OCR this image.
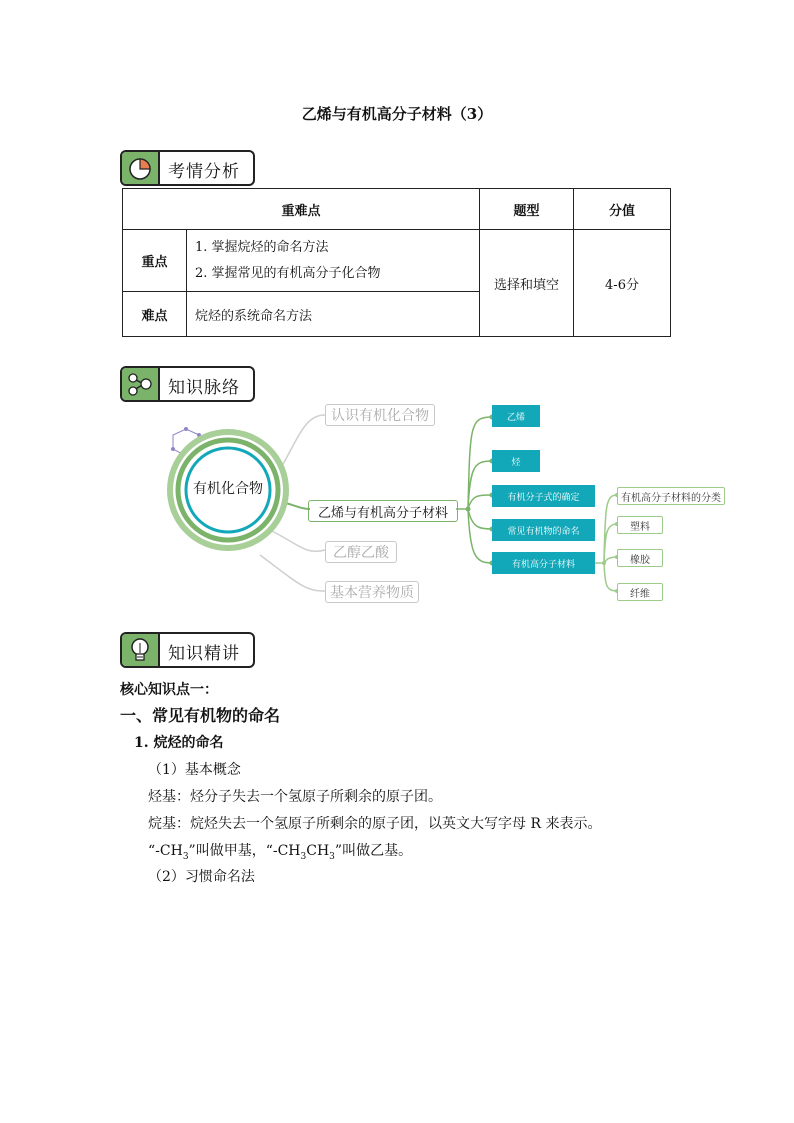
乙烯与有机高分子材料（3）
考情分析
重难点		题型	分值
重点	1. 掌握烷烃的命名方法
2. 掌握常见的有机高分子化合物	选择和填空	4-6分
难点	烷烃的系统命名方法		
知识脉络
有机化合物
认识有机化合物
乙烯与有机高分子材料
乙醇乙酸
基本营养物质
乙烯
烃
有机分子式的确定
常见有机物的命名
有机高分子材料
有机高分子材料的分类
塑料
橡胶
纤维
知识精讲
核心知识点一：
一、常见有机物的命名
1. 烷烃的命名
（1）基本概念
烃基：烃分子失去一个氢原子所剩余的原子团。
烷基：烷烃失去一个氢原子所剩余的原子团，以英文大写字母 R 来表示。
“$-CH_3$”叫做甲基，“$-CH_3CH_3$”叫做乙基。
（2）习惯命名法
